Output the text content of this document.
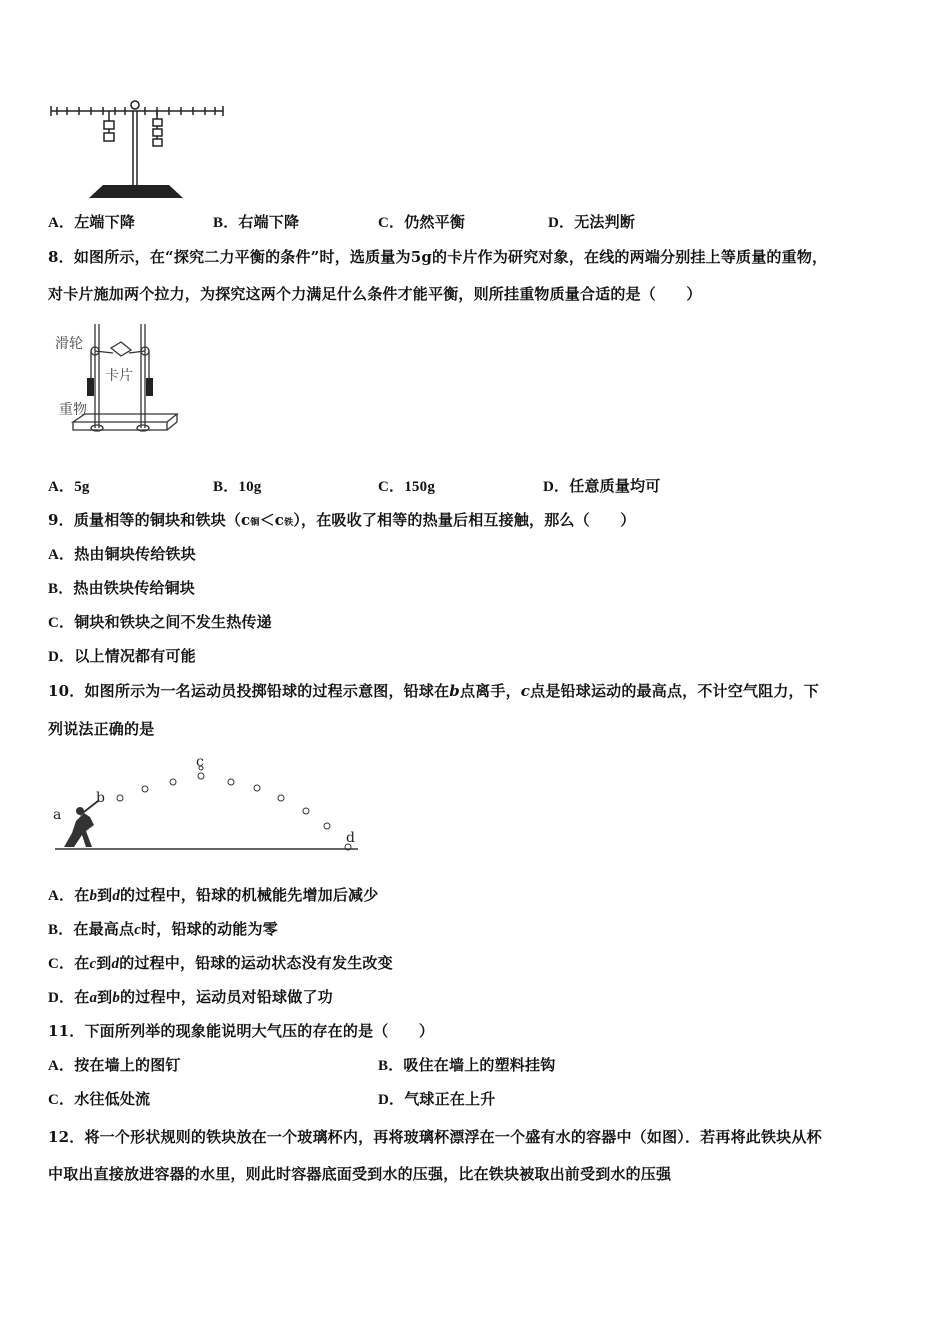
A．左端下降	B．右端下降	C．仍然平衡	D．无法判断
8．如图所示，在“探究二力平衡的条件”时，选质量为5g的卡片作为研究对象，在线的两端分别挂上等质量的重物，
对卡片施加两个拉力，为探究这两个力满足什么条件才能平衡，则所挂重物质量合适的是（　　）
滑轮
卡片
重物
A．5g	B．10g	C．150g	D．任意质量均可
9．质量相等的铜块和铁块（c铜＜c铁），在吸收了相等的热量后相互接触，那么（　　）
A．热由铜块传给铁块
B．热由铁块传给铜块
C．铜块和铁块之间不发生热传递
D．以上情况都有可能
10．如图所示为一名运动员投掷铅球的过程示意图，铅球在b点离手，c点是铅球运动的最高点，不计空气阻力，下
列说法正确的是
a
b
c
d
A．在b到d的过程中，铅球的机械能先增加后减少
B．在最高点c时，铅球的动能为零
C．在c到d的过程中，铅球的运动状态没有发生改变
D．在a到b的过程中，运动员对铅球做了功
11．下面所列举的现象能说明大气压的存在的是（　　）
A．按在墙上的图钉	B．吸住在墙上的塑料挂钩
C．水往低处流	D．气球正在上升
12．将一个形状规则的铁块放在一个玻璃杯内，再将玻璃杯漂浮在一个盛有水的容器中（如图）．若再将此铁块从杯
中取出直接放进容器的水里，则此时容器底面受到水的压强，比在铁块被取出前受到水的压强
